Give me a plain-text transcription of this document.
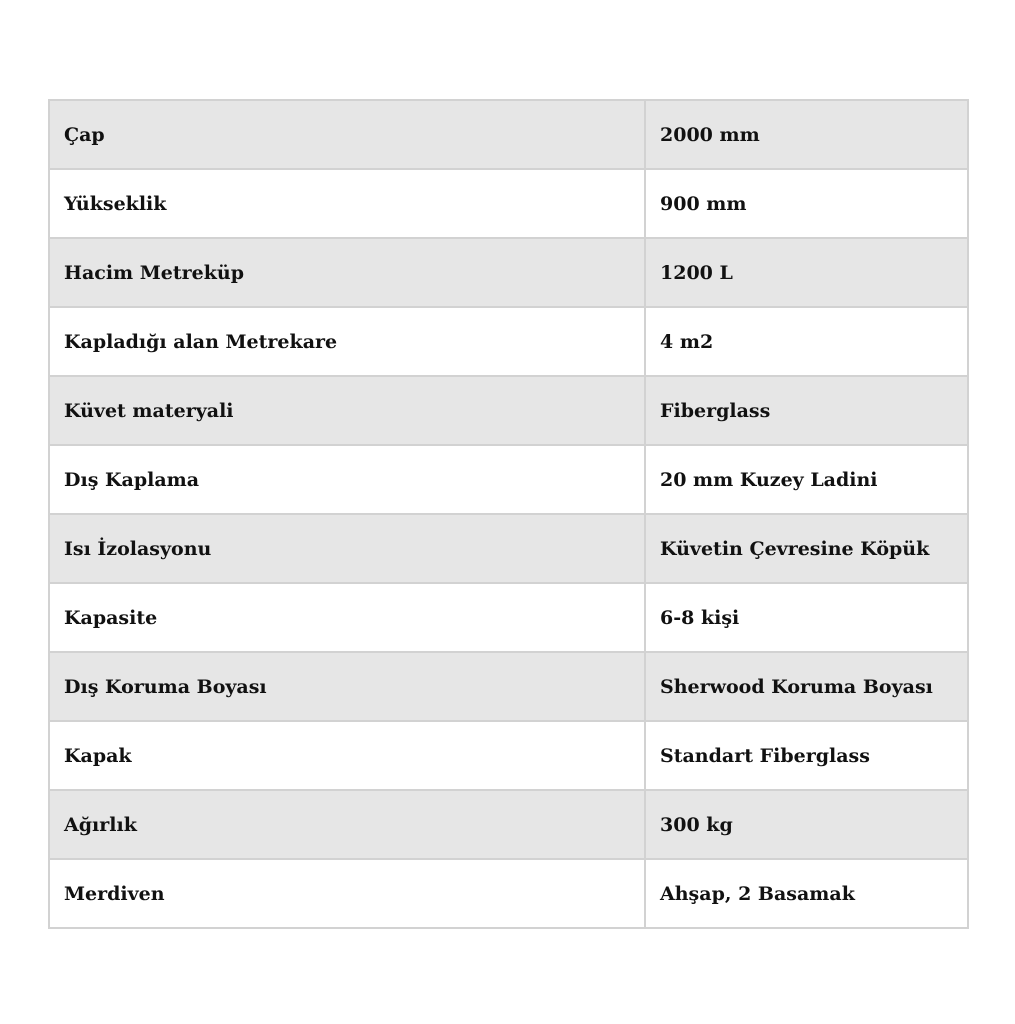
Çap	2000 mm
Yükseklik	900 mm
Hacim Metreküp	1200 L
Kapladığı alan Metrekare	4 m2
Küvet materyali	Fiberglass
Dış Kaplama	20 mm Kuzey Ladini
Isı İzolasyonu	Küvetin Çevresine Köpük
Kapasite	6-8 kişi
Dış Koruma Boyası	Sherwood Koruma Boyası
Kapak	Standart Fiberglass
Ağırlık	300 kg
Merdiven	Ahşap, 2 Basamak
